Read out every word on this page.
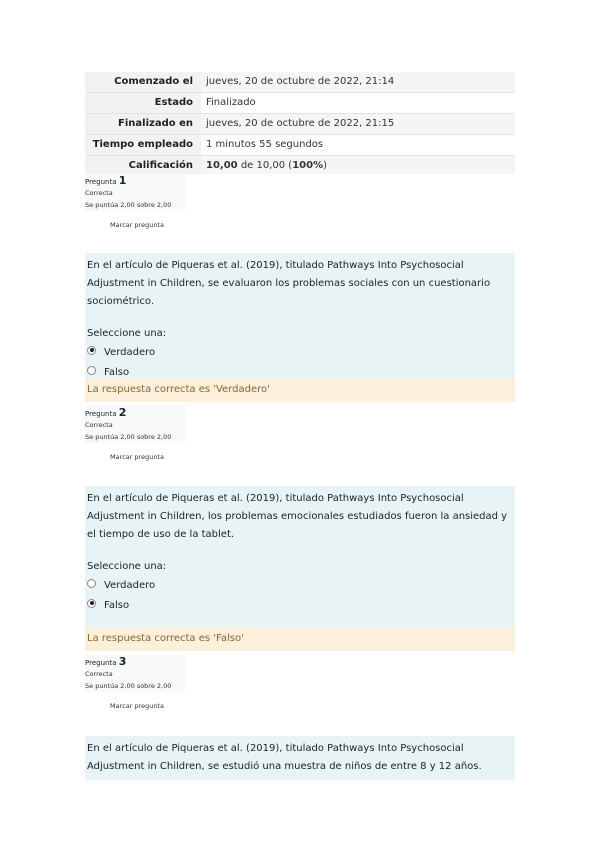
Comenzado el	jueves, 20 de octubre de 2022, 21:14
Estado	Finalizado
Finalizado en	jueves, 20 de octubre de 2022, 21:15
Tiempo empleado	1 minutos 55 segundos
Calificación	10,00 de 10,00 (100%)
Pregunta 1
Correcta
Se puntúa 2,00 sobre 2,00
Marcar pregunta

En el artículo de Piqueras et al. (2019), titulado Pathways Into Psychosocial Adjustment in Children, se evaluaron los problemas sociales con un cuestionario sociométrico.

Seleccione una:
Verdadero
Falso
La respuesta correcta es 'Verdadero'
Pregunta 2
Correcta
Se puntúa 2,00 sobre 2,00
Marcar pregunta

En el artículo de Piqueras et al. (2019), titulado Pathways Into Psychosocial Adjustment in Children, los problemas emocionales estudiados fueron la ansiedad y el tiempo de uso de la tablet.

Seleccione una:
Verdadero
Falso
La respuesta correcta es 'Falso'
Pregunta 3
Correcta
Se puntúa 2,00 sobre 2,00
Marcar pregunta

En el artículo de Piqueras et al. (2019), titulado Pathways Into Psychosocial Adjustment in Children, se estudió una muestra de niños de entre 8 y 12 años.
